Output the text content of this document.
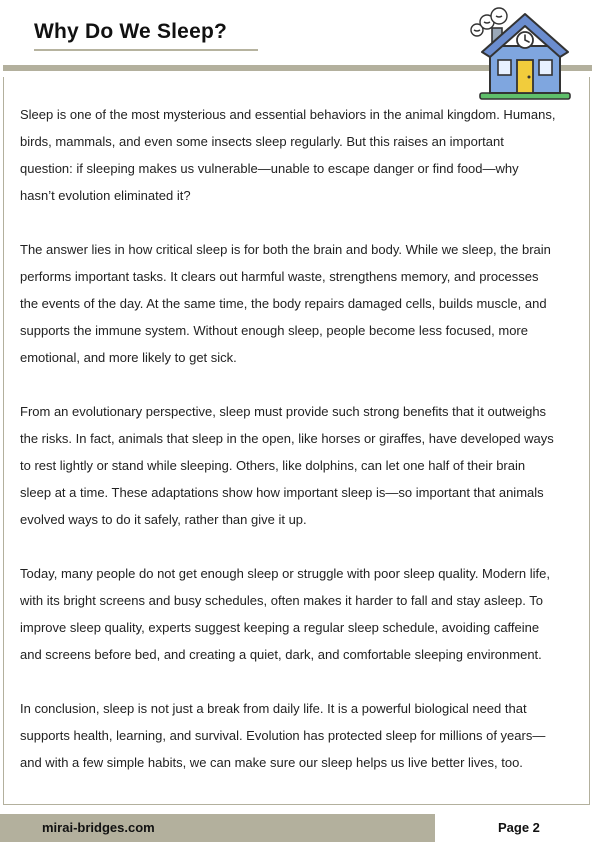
Why Do We Sleep?

Sleep is one of the most mysterious and essential behaviors in the animal kingdom. Humans,
birds, mammals, and even some insects sleep regularly. But this raises an important
question: if sleeping makes us vulnerable—unable to escape danger or find food—why
hasn’t evolution eliminated it?

The answer lies in how critical sleep is for both the brain and body. While we sleep, the brain
performs important tasks. It clears out harmful waste, strengthens memory, and processes
the events of the day. At the same time, the body repairs damaged cells, builds muscle, and
supports the immune system. Without enough sleep, people become less focused, more
emotional, and more likely to get sick.

From an evolutionary perspective, sleep must provide such strong benefits that it outweighs
the risks. In fact, animals that sleep in the open, like horses or giraffes, have developed ways
to rest lightly or stand while sleeping. Others, like dolphins, can let one half of their brain
sleep at a time. These adaptations show how important sleep is—so important that animals
evolved ways to do it safely, rather than give it up.

Today, many people do not get enough sleep or struggle with poor sleep quality. Modern life,
with its bright screens and busy schedules, often makes it harder to fall and stay asleep. To
improve sleep quality, experts suggest keeping a regular sleep schedule, avoiding caffeine
and screens before bed, and creating a quiet, dark, and comfortable sleeping environment.

In conclusion, sleep is not just a break from daily life. It is a powerful biological need that
supports health, learning, and survival. Evolution has protected sleep for millions of years—
and with a few simple habits, we can make sure our sleep helps us live better lives, too.

mirai-bridges.com	Page 2
